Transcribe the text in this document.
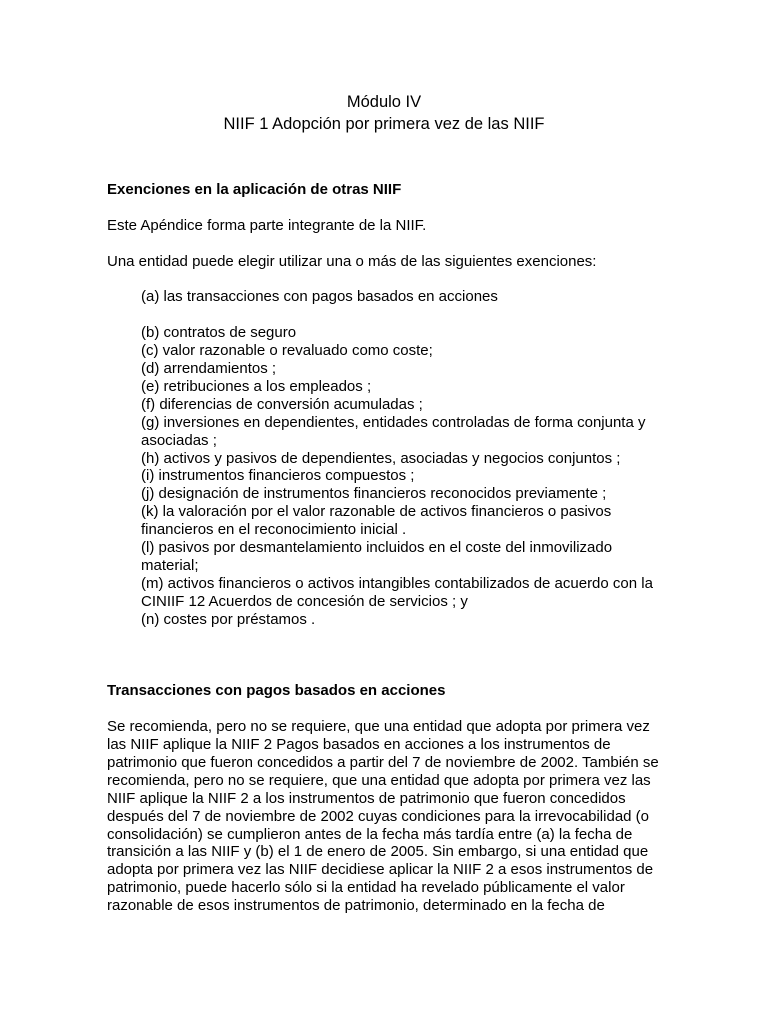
Módulo IV
NIIF 1 Adopción por primera vez de las NIIF

Exenciones en la aplicación de otras NIIF

Este Apéndice forma parte integrante de la NIIF.

Una entidad puede elegir utilizar una o más de las siguientes exenciones:

(a) las transacciones con pagos basados en acciones
(b) contratos de seguro
(c) valor razonable o revaluado como coste;
(d) arrendamientos ;
(e) retribuciones a los empleados ;
(f) diferencias de conversión acumuladas ;
(g) inversiones en dependientes, entidades controladas de forma conjunta y asociadas ;
(h) activos y pasivos de dependientes, asociadas y negocios conjuntos ;
(i) instrumentos financieros compuestos ;
(j) designación de instrumentos financieros reconocidos previamente ;
(k) la valoración por el valor razonable de activos financieros o pasivos financieros en el reconocimiento inicial .
(l) pasivos por desmantelamiento incluidos en el coste del inmovilizado material;
(m) activos financieros o activos intangibles contabilizados de acuerdo con la CINIIF 12 Acuerdos de concesión de servicios ; y
(n) costes por préstamos .

Transacciones con pagos basados en acciones

Se recomienda, pero no se requiere, que una entidad que adopta por primera vez las NIIF aplique la NIIF 2 Pagos basados en acciones a los instrumentos de patrimonio que fueron concedidos a partir del 7 de noviembre de 2002. También se recomienda, pero no se requiere, que una entidad que adopta por primera vez las NIIF aplique la NIIF 2 a los instrumentos de patrimonio que fueron concedidos después del 7 de noviembre de 2002 cuyas condiciones para la irrevocabilidad (o consolidación) se cumplieron antes de la fecha más tardía entre (a) la fecha de transición a las NIIF y (b) el 1 de enero de 2005. Sin embargo, si una entidad que adopta por primera vez las NIIF decidiese aplicar la NIIF 2 a esos instrumentos de patrimonio, puede hacerlo sólo si la entidad ha revelado públicamente el valor razonable de esos instrumentos de patrimonio, determinado en la fecha de
